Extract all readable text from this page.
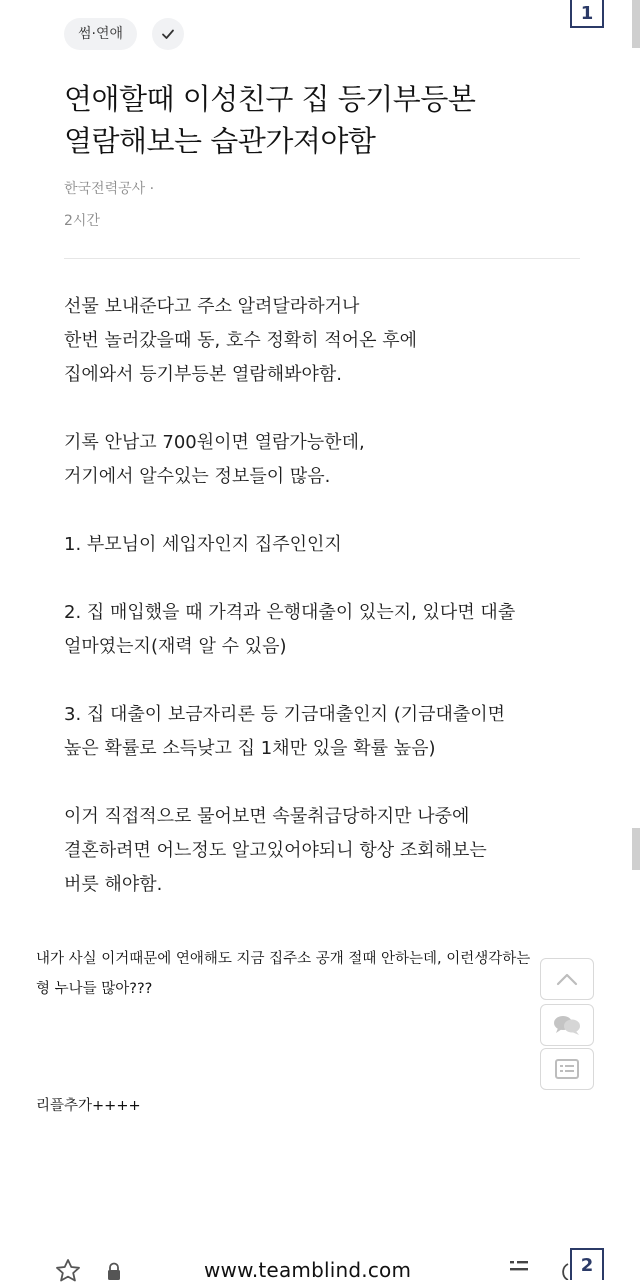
1
썸·연애
연애할때 이성친구 집 등기부등본
열람해보는 습관가져야함
한국전력공사 ·
2시간

선물 보내준다고 주소 알려달라하거나

한번 놀러갔을때 동, 호수 정확히 적어온 후에

집에와서 등기부등본 열람해봐야함.

기록 안남고 700원이면 열람가능한데,

거기에서 알수있는 정보들이 많음.

1. 부모님이 세입자인지 집주인인지

2. 집 매입했을 때 가격과 은행대출이 있는지, 있다면 대출

얼마였는지(재력 알 수 있음)

3. 집 대출이 보금자리론 등 기금대출인지 (기금대출이면

높은 확률로 소득낮고 집 1채만 있을 확률 높음)

이거 직접적으로 물어보면 속물취급당하지만 나중에

결혼하려면 어느정도 알고있어야되니 항상 조회해보는

버릇 해야함.

내가 사실 이거때문에 연애해도 지금 집주소 공개 절때 안하는데, 이런생각하는
형 누나들 많아???
리플추가++++
www.teamblind.com	2
